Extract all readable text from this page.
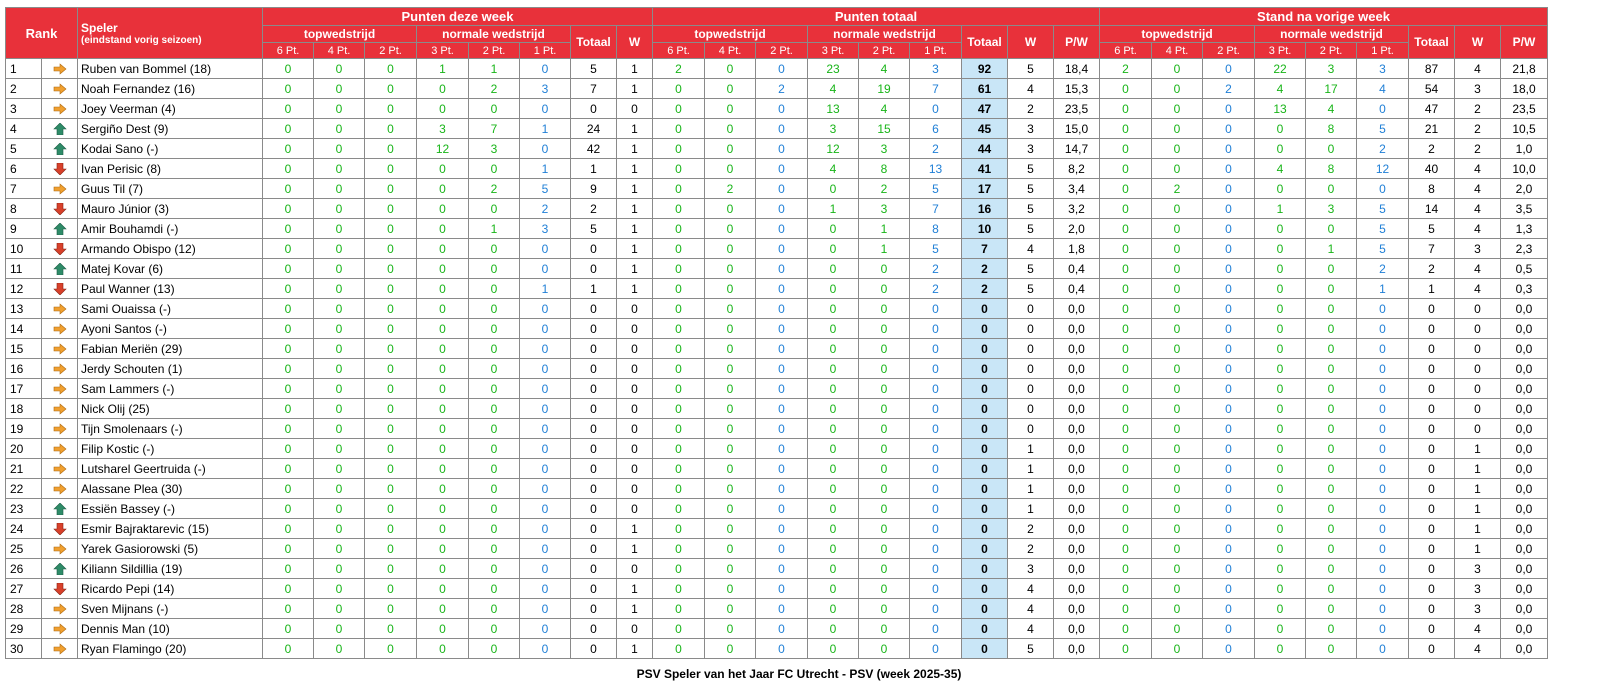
Rank		Speler
(eindstand vorig seizoen)	Punten deze week								Punten totaal									Stand na vorige week								
			topwedstrijd			normale wedstrijd			Totaal	W	topwedstrijd			normale wedstrijd			Totaal	W	P/W	topwedstrijd			normale wedstrijd			Totaal	W	P/W
			6 Pt.	4 Pt.	2 Pt.	3 Pt.	2 Pt.	1 Pt.			6 Pt.	4 Pt.	2 Pt.	3 Pt.	2 Pt.	1 Pt.				6 Pt.	4 Pt.	2 Pt.	3 Pt.	2 Pt.	1 Pt.			
1		Ruben van Bommel (18)	0	0	0	1	1	0	5	1	2	0	0	23	4	3	92	5	18,4	2	0	0	22	3	3	87	4	21,8
2		Noah Fernandez (16)	0	0	0	0	2	3	7	1	0	0	2	4	19	7	61	4	15,3	0	0	2	4	17	4	54	3	18,0
3		Joey Veerman (4)	0	0	0	0	0	0	0	0	0	0	0	13	4	0	47	2	23,5	0	0	0	13	4	0	47	2	23,5
4		Sergiño Dest (9)	0	0	0	3	7	1	24	1	0	0	0	3	15	6	45	3	15,0	0	0	0	0	8	5	21	2	10,5
5		Kodai Sano (-)	0	0	0	12	3	0	42	1	0	0	0	12	3	2	44	3	14,7	0	0	0	0	0	2	2	2	1,0
6		Ivan Perisic (8)	0	0	0	0	0	1	1	1	0	0	0	4	8	13	41	5	8,2	0	0	0	4	8	12	40	4	10,0
7		Guus Til (7)	0	0	0	0	2	5	9	1	0	2	0	0	2	5	17	5	3,4	0	2	0	0	0	0	8	4	2,0
8		Mauro Júnior (3)	0	0	0	0	0	2	2	1	0	0	0	1	3	7	16	5	3,2	0	0	0	1	3	5	14	4	3,5
9		Amir Bouhamdi (-)	0	0	0	0	1	3	5	1	0	0	0	0	1	8	10	5	2,0	0	0	0	0	0	5	5	4	1,3
10		Armando Obispo (12)	0	0	0	0	0	0	0	1	0	0	0	0	1	5	7	4	1,8	0	0	0	0	1	5	7	3	2,3
11		Matej Kovar (6)	0	0	0	0	0	0	0	1	0	0	0	0	0	2	2	5	0,4	0	0	0	0	0	2	2	4	0,5
12		Paul Wanner (13)	0	0	0	0	0	1	1	1	0	0	0	0	0	2	2	5	0,4	0	0	0	0	0	1	1	4	0,3
13		Sami Ouaissa (-)	0	0	0	0	0	0	0	0	0	0	0	0	0	0	0	0	0,0	0	0	0	0	0	0	0	0	0,0
14		Ayoni Santos (-)	0	0	0	0	0	0	0	0	0	0	0	0	0	0	0	0	0,0	0	0	0	0	0	0	0	0	0,0
15		Fabian Meriën (29)	0	0	0	0	0	0	0	0	0	0	0	0	0	0	0	0	0,0	0	0	0	0	0	0	0	0	0,0
16		Jerdy Schouten (1)	0	0	0	0	0	0	0	0	0	0	0	0	0	0	0	0	0,0	0	0	0	0	0	0	0	0	0,0
17		Sam Lammers (-)	0	0	0	0	0	0	0	0	0	0	0	0	0	0	0	0	0,0	0	0	0	0	0	0	0	0	0,0
18		Nick Olij (25)	0	0	0	0	0	0	0	0	0	0	0	0	0	0	0	0	0,0	0	0	0	0	0	0	0	0	0,0
19		Tijn Smolenaars (-)	0	0	0	0	0	0	0	0	0	0	0	0	0	0	0	0	0,0	0	0	0	0	0	0	0	0	0,0
20		Filip Kostic (-)	0	0	0	0	0	0	0	0	0	0	0	0	0	0	0	1	0,0	0	0	0	0	0	0	0	1	0,0
21		Lutsharel Geertruida (-)	0	0	0	0	0	0	0	0	0	0	0	0	0	0	0	1	0,0	0	0	0	0	0	0	0	1	0,0
22		Alassane Plea (30)	0	0	0	0	0	0	0	0	0	0	0	0	0	0	0	1	0,0	0	0	0	0	0	0	0	1	0,0
23		Essiën Bassey (-)	0	0	0	0	0	0	0	0	0	0	0	0	0	0	0	1	0,0	0	0	0	0	0	0	0	1	0,0
24		Esmir Bajraktarevic (15)	0	0	0	0	0	0	0	1	0	0	0	0	0	0	0	2	0,0	0	0	0	0	0	0	0	1	0,0
25		Yarek Gasiorowski (5)	0	0	0	0	0	0	0	1	0	0	0	0	0	0	0	2	0,0	0	0	0	0	0	0	0	1	0,0
26		Kiliann Sildillia (19)	0	0	0	0	0	0	0	0	0	0	0	0	0	0	0	3	0,0	0	0	0	0	0	0	0	3	0,0
27		Ricardo Pepi (14)	0	0	0	0	0	0	0	1	0	0	0	0	0	0	0	4	0,0	0	0	0	0	0	0	0	3	0,0
28		Sven Mijnans (-)	0	0	0	0	0	0	0	1	0	0	0	0	0	0	0	4	0,0	0	0	0	0	0	0	0	3	0,0
29		Dennis Man (10)	0	0	0	0	0	0	0	0	0	0	0	0	0	0	0	4	0,0	0	0	0	0	0	0	0	4	0,0
30		Ryan Flamingo (20)	0	0	0	0	0	0	0	1	0	0	0	0	0	0	0	5	0,0	0	0	0	0	0	0	0	4	0,0
PSV Speler van het Jaar FC Utrecht - PSV (week 2025-35)
